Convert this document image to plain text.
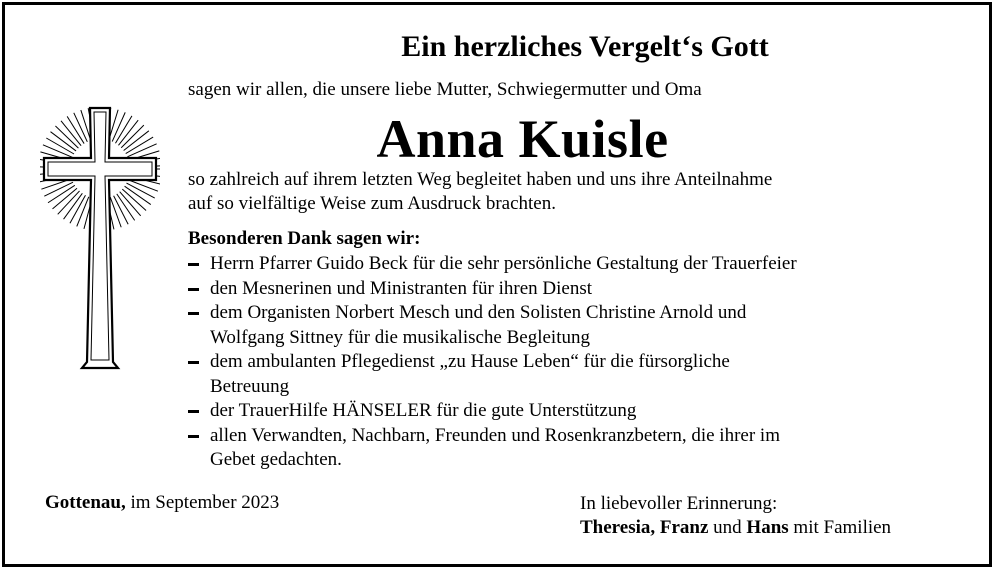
Ein herzliches Vergelt‘s Gott
sagen wir allen, die unsere liebe Mutter, Schwiegermutter und Oma
Anna Kuisle
so zahlreich auf ihrem letzten Weg begleitet haben und uns ihre Anteilnahme
auf so vielfältige Weise zum Ausdruck brachten.
Besonderen Dank sagen wir:
Herrn Pfarrer Guido Beck für die sehr persönliche Gestaltung der Trauerfeier
den Mesnerinen und Ministranten für ihren Dienst
dem Organisten Norbert Mesch und den Solisten Christine Arnold und
Wolfgang Sittney für die musikalische Begleitung
dem ambulanten Pflegedienst „zu Hause Leben“ für die fürsorgliche
Betreuung
der TrauerHilfe HÄNSELER für die gute Unterstützung
allen Verwandten, Nachbarn, Freunden und Rosenkranzbetern, die ihrer im
Gebet gedachten.
Gottenau, im September 2023	In liebevoller Erinnerung:
Theresia, Franz und Hans mit Familien
